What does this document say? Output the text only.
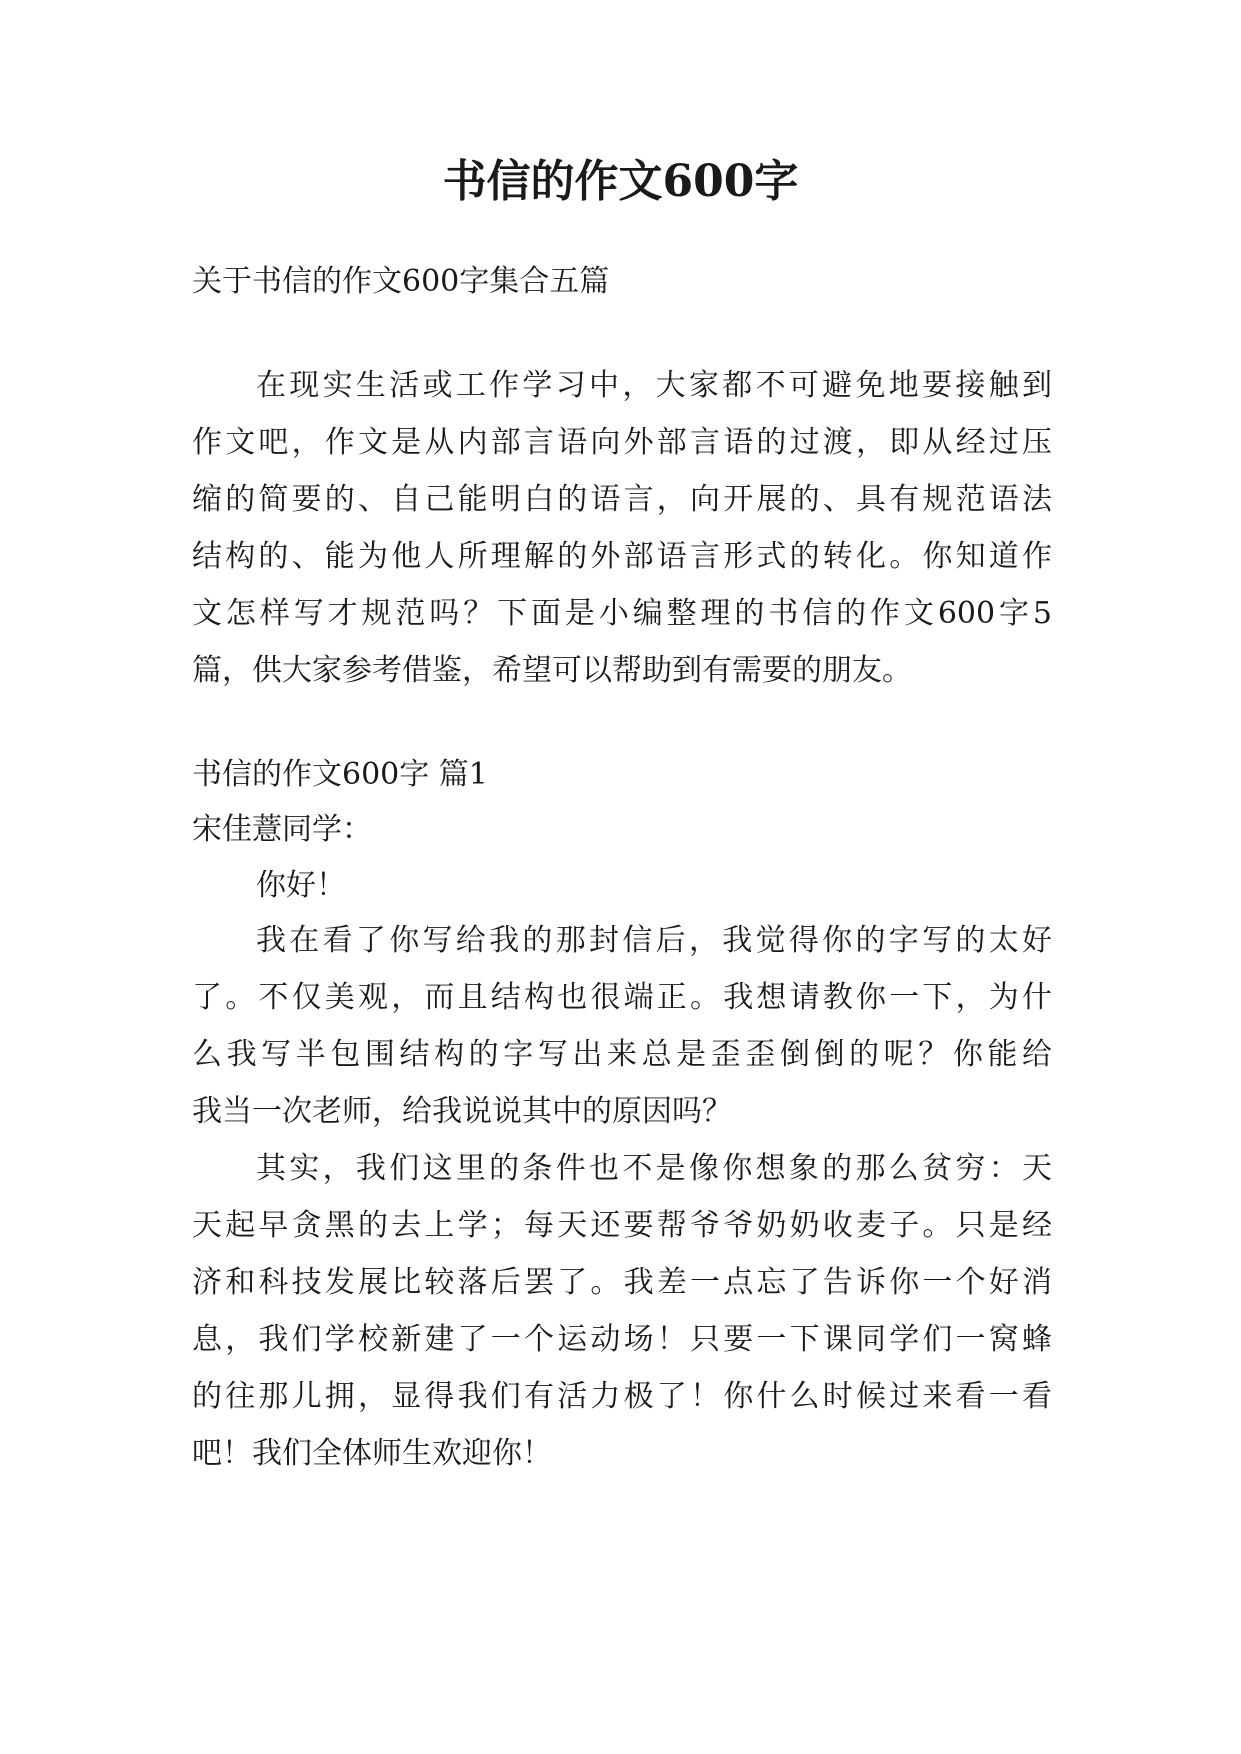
书信的作文600字

关于书信的作文600字集合五篇

在现实生活或工作学习中，大家都不可避免地要接触到

作文吧，作文是从内部言语向外部言语的过渡，即从经过压

缩的简要的、自己能明白的语言，向开展的、具有规范语法

结构的、能为他人所理解的外部语言形式的转化。你知道作

文怎样写才规范吗？下面是小编整理的书信的作文600字5

篇，供大家参考借鉴，希望可以帮助到有需要的朋友。

书信的作文600字 篇1

宋佳薏同学：

你好！

我在看了你写给我的那封信后，我觉得你的字写的太好

了。不仅美观，而且结构也很端正。我想请教你一下，为什

么我写半包围结构的字写出来总是歪歪倒倒的呢？你能给

我当一次老师，给我说说其中的原因吗？

其实，我们这里的条件也不是像你想象的那么贫穷：天

天起早贪黑的去上学；每天还要帮爷爷奶奶收麦子。只是经

济和科技发展比较落后罢了。我差一点忘了告诉你一个好消

息，我们学校新建了一个运动场！只要一下课同学们一窝蜂

的往那儿拥，显得我们有活力极了！你什么时候过来看一看

吧！我们全体师生欢迎你！
